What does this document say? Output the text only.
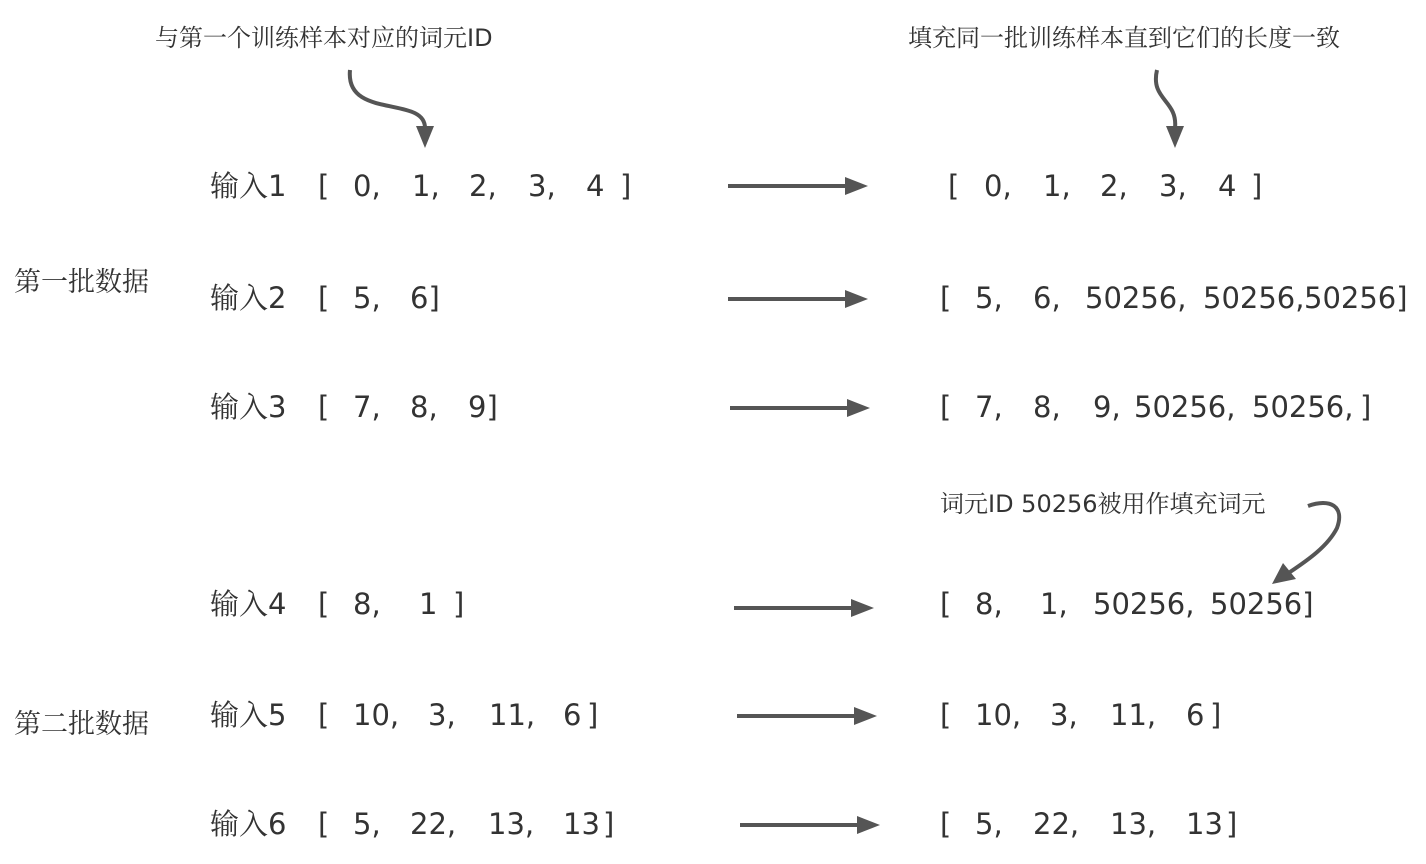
与第一个训练样本对应的词元ID	填充同一批训练样本直到它们的长度一致
第一批数据
第二批数据
输入1
输入2
输入3
输入4
输入5
输入6
[ 0, 1, 2, 3, 4 ]
[ 5, 6]
[ 7, 8, 9]
[ 8, 1 ]
[ 10, 3, 11, 6 ]
[ 5, 22, 13, 13 ]
[ 0, 1, 2, 3, 4 ]
[ 5, 6, 50256, 50256, 50256]
[ 7, 8, 9, 50256, 50256, ]
词元ID 50256被用作填充词元
[ 8, 1, 50256, 50256]
[ 10, 3, 11, 6 ]
[ 5, 22, 13, 13 ]
